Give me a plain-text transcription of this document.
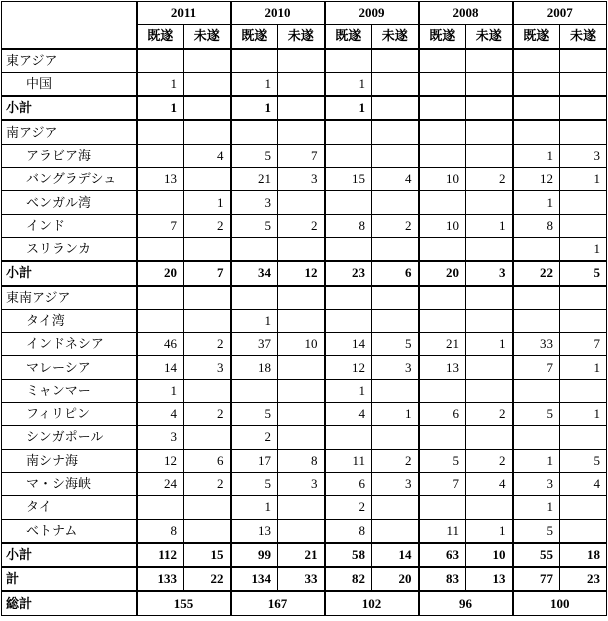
	2011		2010		2009		2008		2007	
	既遂	未遂	既遂	未遂	既遂	未遂	既遂	未遂	既遂	未遂
東アジア										
中国	1		1		1					
小計	1		1		1					
南アジア										
アラビア海		4	5	7					1	3
バングラデシュ	13		21	3	15	4	10	2	12	1
ベンガル湾		1	3						1	
インド	7	2	5	2	8	2	10	1	8	
スリランカ										1
小計	20	7	34	12	23	6	20	3	22	5
東南アジア										
タイ湾			1							
インドネシア	46	2	37	10	14	5	21	1	33	7
マレーシア	14	3	18		12	3	13		7	1
ミャンマー	1				1					
フィリピン	4	2	5		4	1	6	2	5	1
シンガポール	3		2							
南シナ海	12	6	17	8	11	2	5	2	1	5
マ・シ海峡	24	2	5	3	6	3	7	4	3	4
タイ			1		2				1	
ベトナム	8		13		8		11	1	5	
小計	112	15	99	21	58	14	63	10	55	18
計	133	22	134	33	82	20	83	13	77	23
総計	155		167		102		96		100	
